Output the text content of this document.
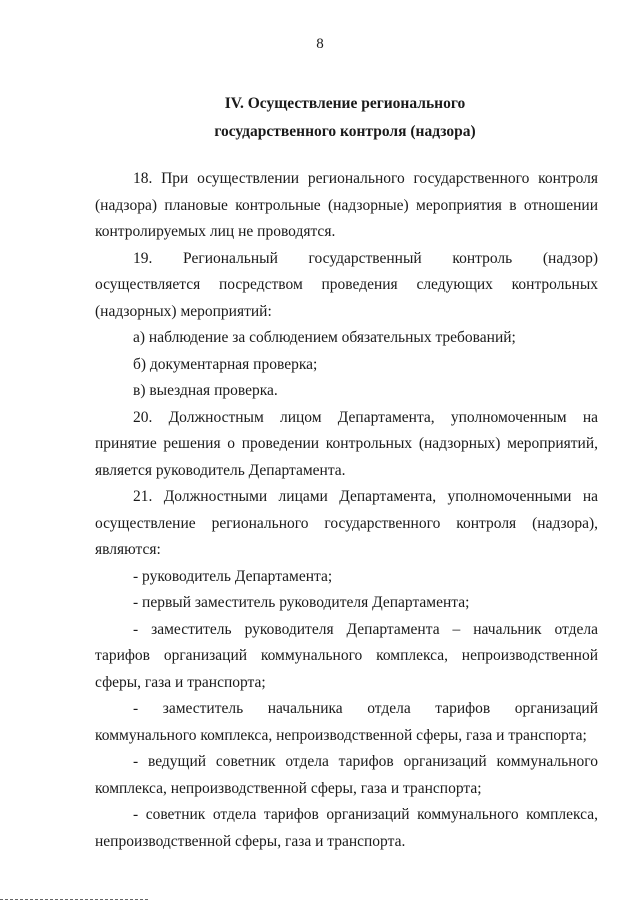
8
IV. Осуществление регионального
государственного контроля (надзора)

18. При осуществлении регионального государственного контроля (надзора) плановые контрольные (надзорные) мероприятия в отношении контролируемых лиц не проводятся.

19. Региональный государственный контроль (надзор) осуществляется посредством проведения следующих контрольных (надзорных) мероприятий:

а) наблюдение за соблюдением обязательных требований;

б) документарная проверка;

в) выездная проверка.

20. Должностным лицом Департамента, уполномоченным на принятие решения о проведении контрольных (надзорных) мероприятий, является руководитель Департамента.

21. Должностными лицами Департамента, уполномоченными на осуществление регионального государственного контроля (надзора), являются:

- руководитель Департамента;

- первый заместитель руководителя Департамента;

- заместитель руководителя Департамента – начальник отдела тарифов организаций коммунального комплекса, непроизводственной сферы, газа и транспорта;

- заместитель начальника отдела тарифов организаций коммунального комплекса, непроизводственной сферы, газа и транспорта;

- ведущий советник отдела тарифов организаций коммунального комплекса, непроизводственной сферы, газа и транспорта;

- советник отдела тарифов организаций коммунального комплекса, непроизводственной сферы, газа и транспорта.
